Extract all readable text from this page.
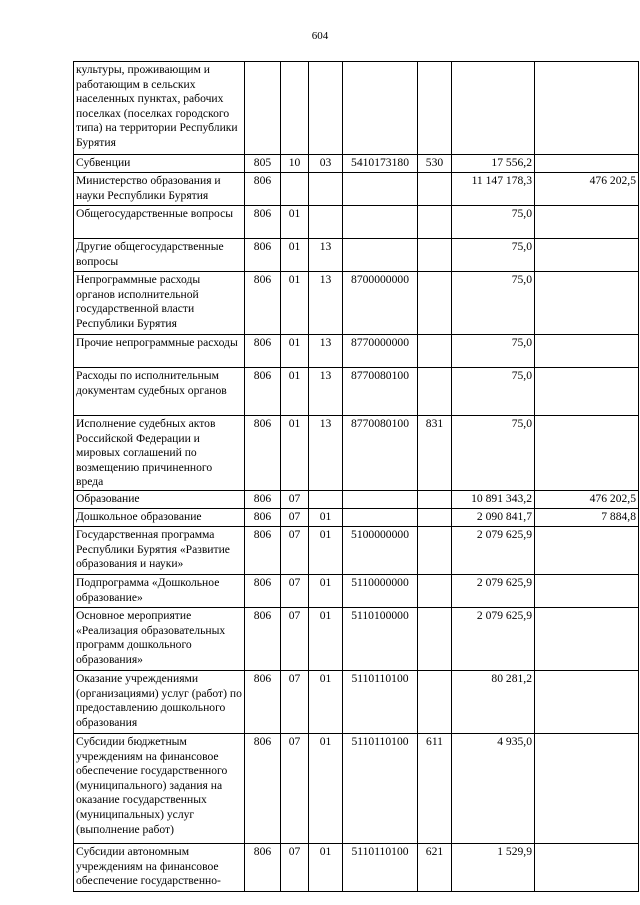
604
культуры, проживающим и работающим в сельских населенных пунктах, рабочих поселках (поселках городского типа) на территории Республики Бурятия							
Субвенции	805	10	03	5410173180	530	17 556,2	
Министерство образования и науки Республики Бурятия	806					11 147 178,3	476 202,5
Общегосударственные вопросы	806	01				75,0	
Другие общегосударственные вопросы	806	01	13			75,0	
Непрограммные расходы органов исполнительной государственной власти Республики Бурятия	806	01	13	8700000000		75,0	
Прочие непрограммные расходы	806	01	13	8770000000		75,0	
Расходы по исполнительным документам судебных органов	806	01	13	8770080100		75,0	
Исполнение судебных актов Российской Федерации и мировых соглашений по возмещению причиненного вреда	806	01	13	8770080100	831	75,0	
Образование	806	07				10 891 343,2	476 202,5
Дошкольное образование	806	07	01			2 090 841,7	7 884,8
Государственная программа Республики Бурятия «Развитие образования и науки»	806	07	01	5100000000		2 079 625,9	
Подпрограмма «Дошкольное образование»	806	07	01	5110000000		2 079 625,9	
Основное мероприятие «Реализация образовательных программ дошкольного образования»	806	07	01	5110100000		2 079 625,9	
Оказание учреждениями (организациями) услуг (работ) по предоставлению дошкольного образования	806	07	01	5110110100		80 281,2	
Субсидии бюджетным учреждениям на финансовое обеспечение государственного (муниципального) задания на оказание государственных (муниципальных) услуг (выполнение работ)	806	07	01	5110110100	611	4 935,0	
Субсидии автономным учреждениям на финансовое обеспечение государственно-	806	07	01	5110110100	621	1 529,9	
